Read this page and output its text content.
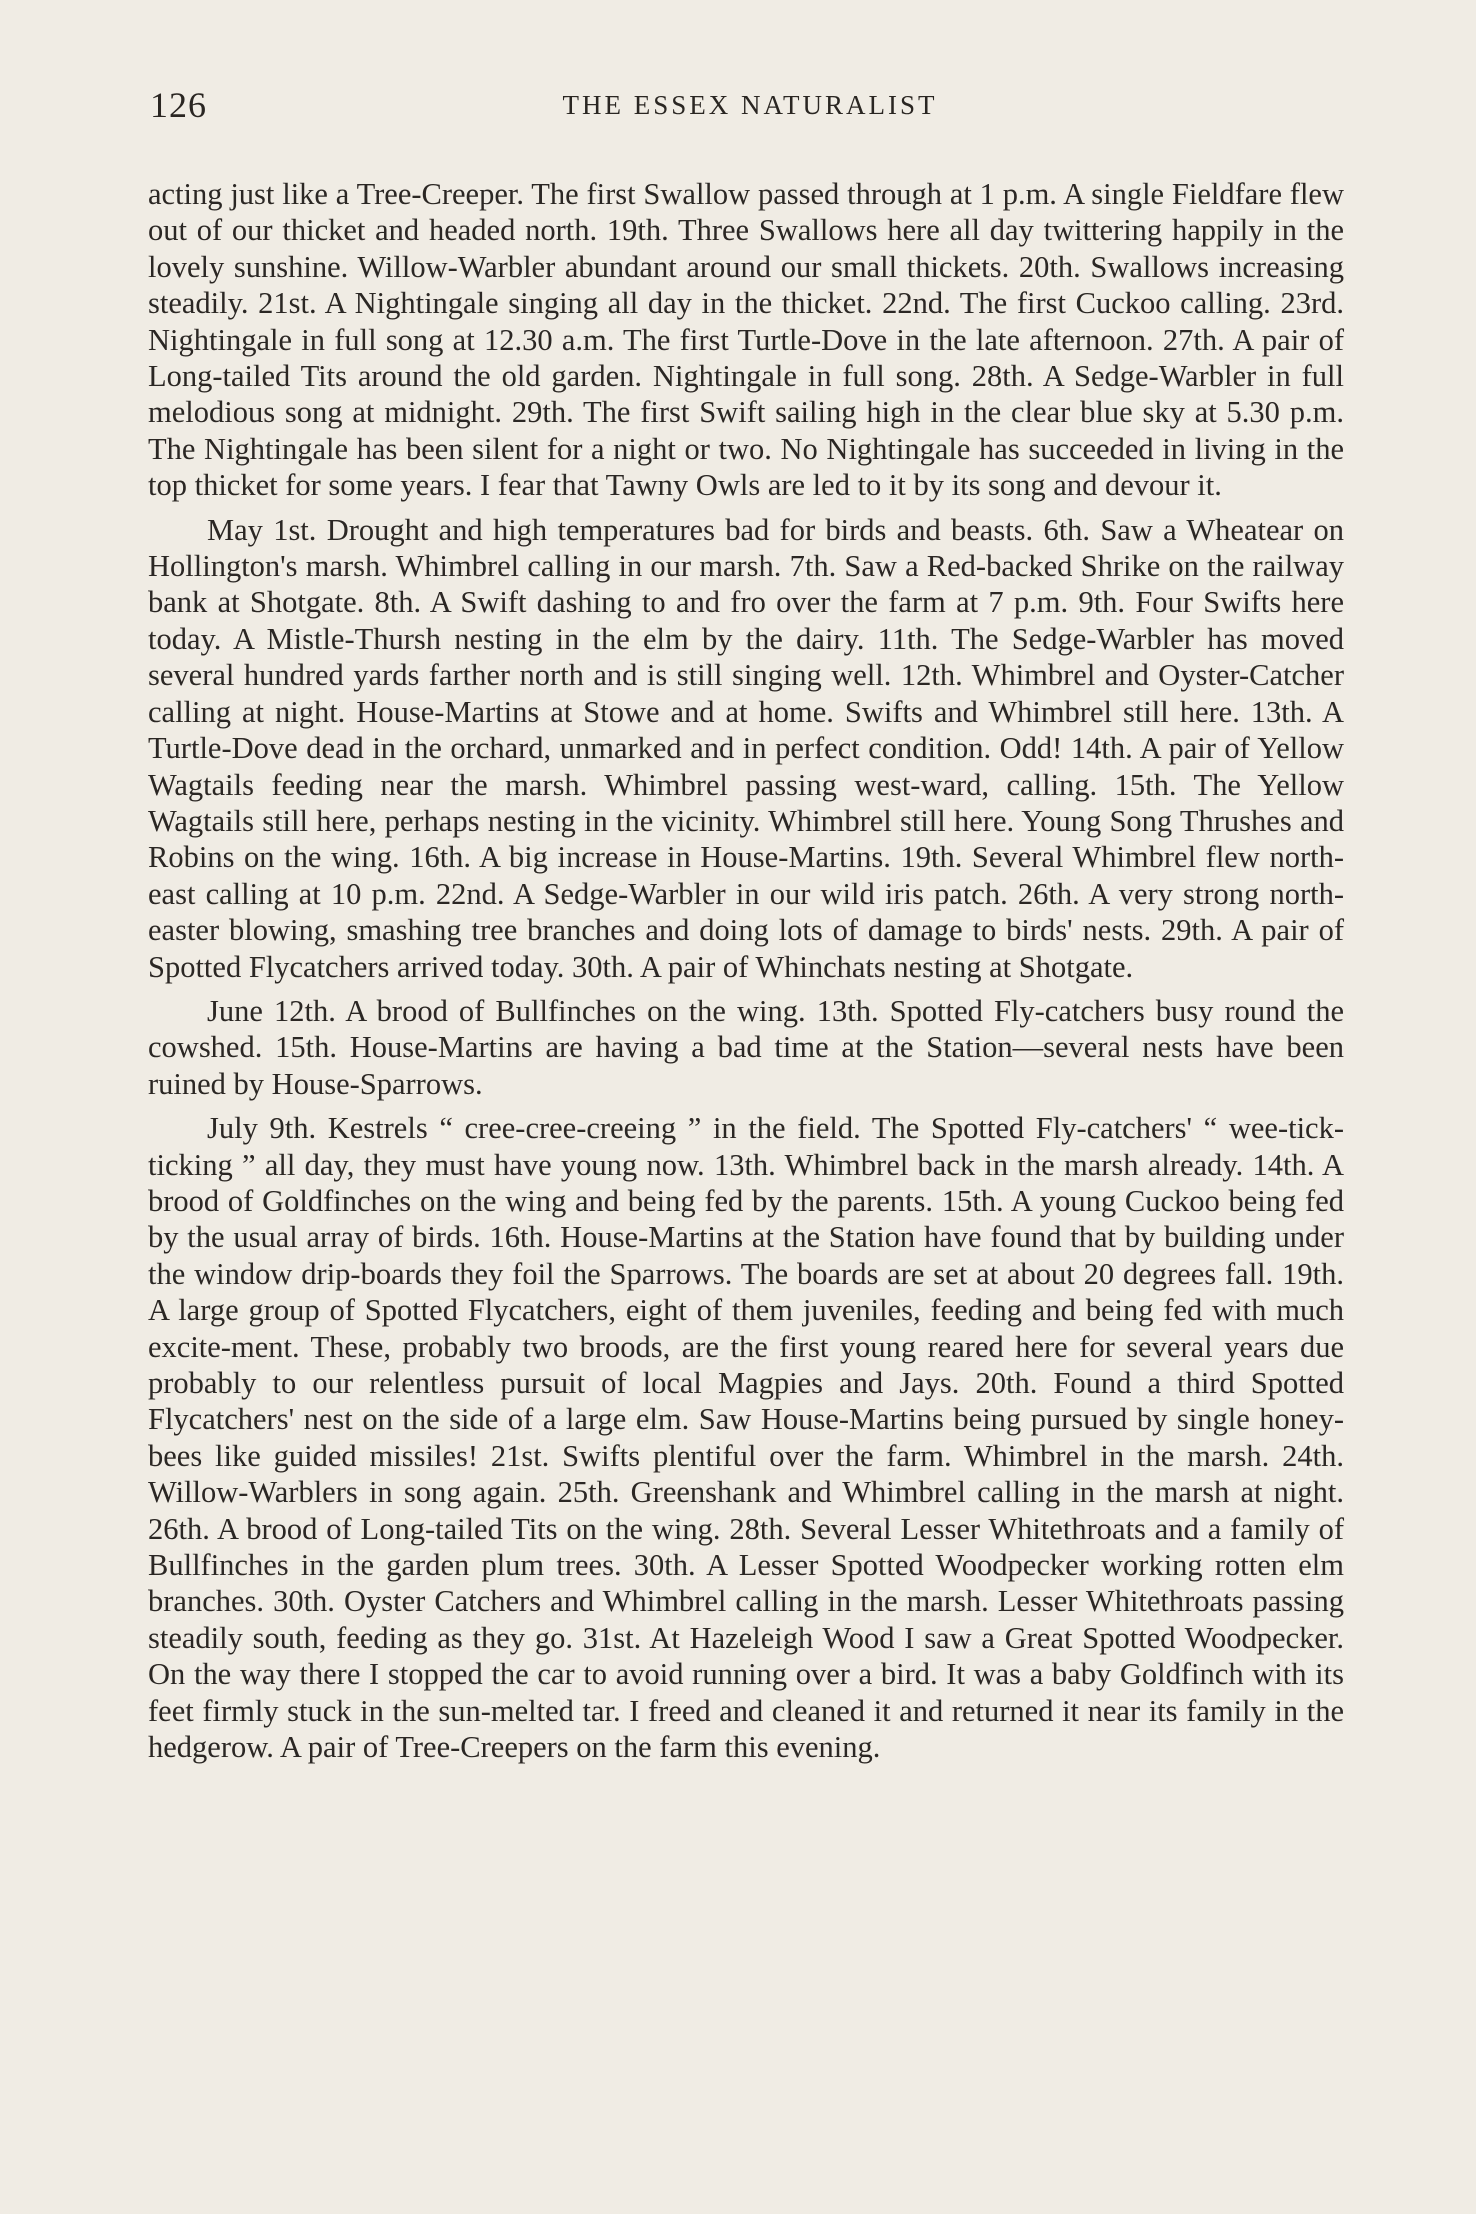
126	THE ESSEX NATURALIST

acting just like a Tree-Creeper. The first Swallow passed through at 1 p.m. A single Fieldfare flew out of our thicket and headed north. 19th. Three Swallows here all day twittering happily in the lovely sunshine. Willow-Warbler abundant around our small thickets. 20th. Swallows increasing steadily. 21st. A Nightingale singing all day in the thicket. 22nd. The first Cuckoo calling. 23rd. Nightingale in full song at 12.30 a.m. The first Turtle-Dove in the late afternoon. 27th. A pair of Long-tailed Tits around the old garden. Nightingale in full song. 28th. A Sedge-Warbler in full melodious song at midnight. 29th. The first Swift sailing high in the clear blue sky at 5.30 p.m. The Nightingale has been silent for a night or two. No Nightingale has succeeded in living in the top thicket for some years. I fear that Tawny Owls are led to it by its song and devour it.

May 1st. Drought and high temperatures bad for birds and beasts. 6th. Saw a Wheatear on Hollington's marsh. Whimbrel calling in our marsh. 7th. Saw a Red-backed Shrike on the railway bank at Shotgate. 8th. A Swift dashing to and fro over the farm at 7 p.m. 9th. Four Swifts here today. A Mistle-Thursh nesting in the elm by the dairy. 11th. The Sedge-Warbler has moved several hundred yards farther north and is still singing well. 12th. Whimbrel and Oyster-Catcher calling at night. House-Martins at Stowe and at home. Swifts and Whimbrel still here. 13th. A Turtle-Dove dead in the orchard, unmarked and in perfect condition. Odd! 14th. A pair of Yellow Wagtails feeding near the marsh. Whimbrel passing west-ward, calling. 15th. The Yellow Wagtails still here, perhaps nesting in the vicinity. Whimbrel still here. Young Song Thrushes and Robins on the wing. 16th. A big increase in House-Martins. 19th. Several Whimbrel flew north-east calling at 10 p.m. 22nd. A Sedge-Warbler in our wild iris patch. 26th. A very strong north-easter blowing, smashing tree branches and doing lots of damage to birds' nests. 29th. A pair of Spotted Flycatchers arrived today. 30th. A pair of Whinchats nesting at Shotgate.

June 12th. A brood of Bullfinches on the wing. 13th. Spotted Fly-catchers busy round the cowshed. 15th. House-Martins are having a bad time at the Station—several nests have been ruined by House-Sparrows.

July 9th. Kestrels “ cree-cree-creeing ” in the field. The Spotted Fly-catchers' “ wee-tick-ticking ” all day, they must have young now. 13th. Whimbrel back in the marsh already. 14th. A brood of Goldfinches on the wing and being fed by the parents. 15th. A young Cuckoo being fed by the usual array of birds. 16th. House-Martins at the Station have found that by building under the window drip-boards they foil the Sparrows. The boards are set at about 20 degrees fall. 19th. A large group of Spotted Flycatchers, eight of them juveniles, feeding and being fed with much excite-ment. These, probably two broods, are the first young reared here for several years due probably to our relentless pursuit of local Magpies and Jays. 20th. Found a third Spotted Flycatchers' nest on the side of a large elm. Saw House-Martins being pursued by single honey-bees like guided missiles! 21st. Swifts plentiful over the farm. Whimbrel in the marsh. 24th. Willow-Warblers in song again. 25th. Greenshank and Whimbrel calling in the marsh at night. 26th. A brood of Long-tailed Tits on the wing. 28th. Several Lesser Whitethroats and a family of Bullfinches in the garden plum trees. 30th. A Lesser Spotted Woodpecker working rotten elm branches. 30th. Oyster Catchers and Whimbrel calling in the marsh. Lesser Whitethroats passing steadily south, feeding as they go. 31st. At Hazeleigh Wood I saw a Great Spotted Woodpecker. On the way there I stopped the car to avoid running over a bird. It was a baby Goldfinch with its feet firmly stuck in the sun-melted tar. I freed and cleaned it and returned it near its family in the hedgerow. A pair of Tree-Creepers on the farm this evening.
